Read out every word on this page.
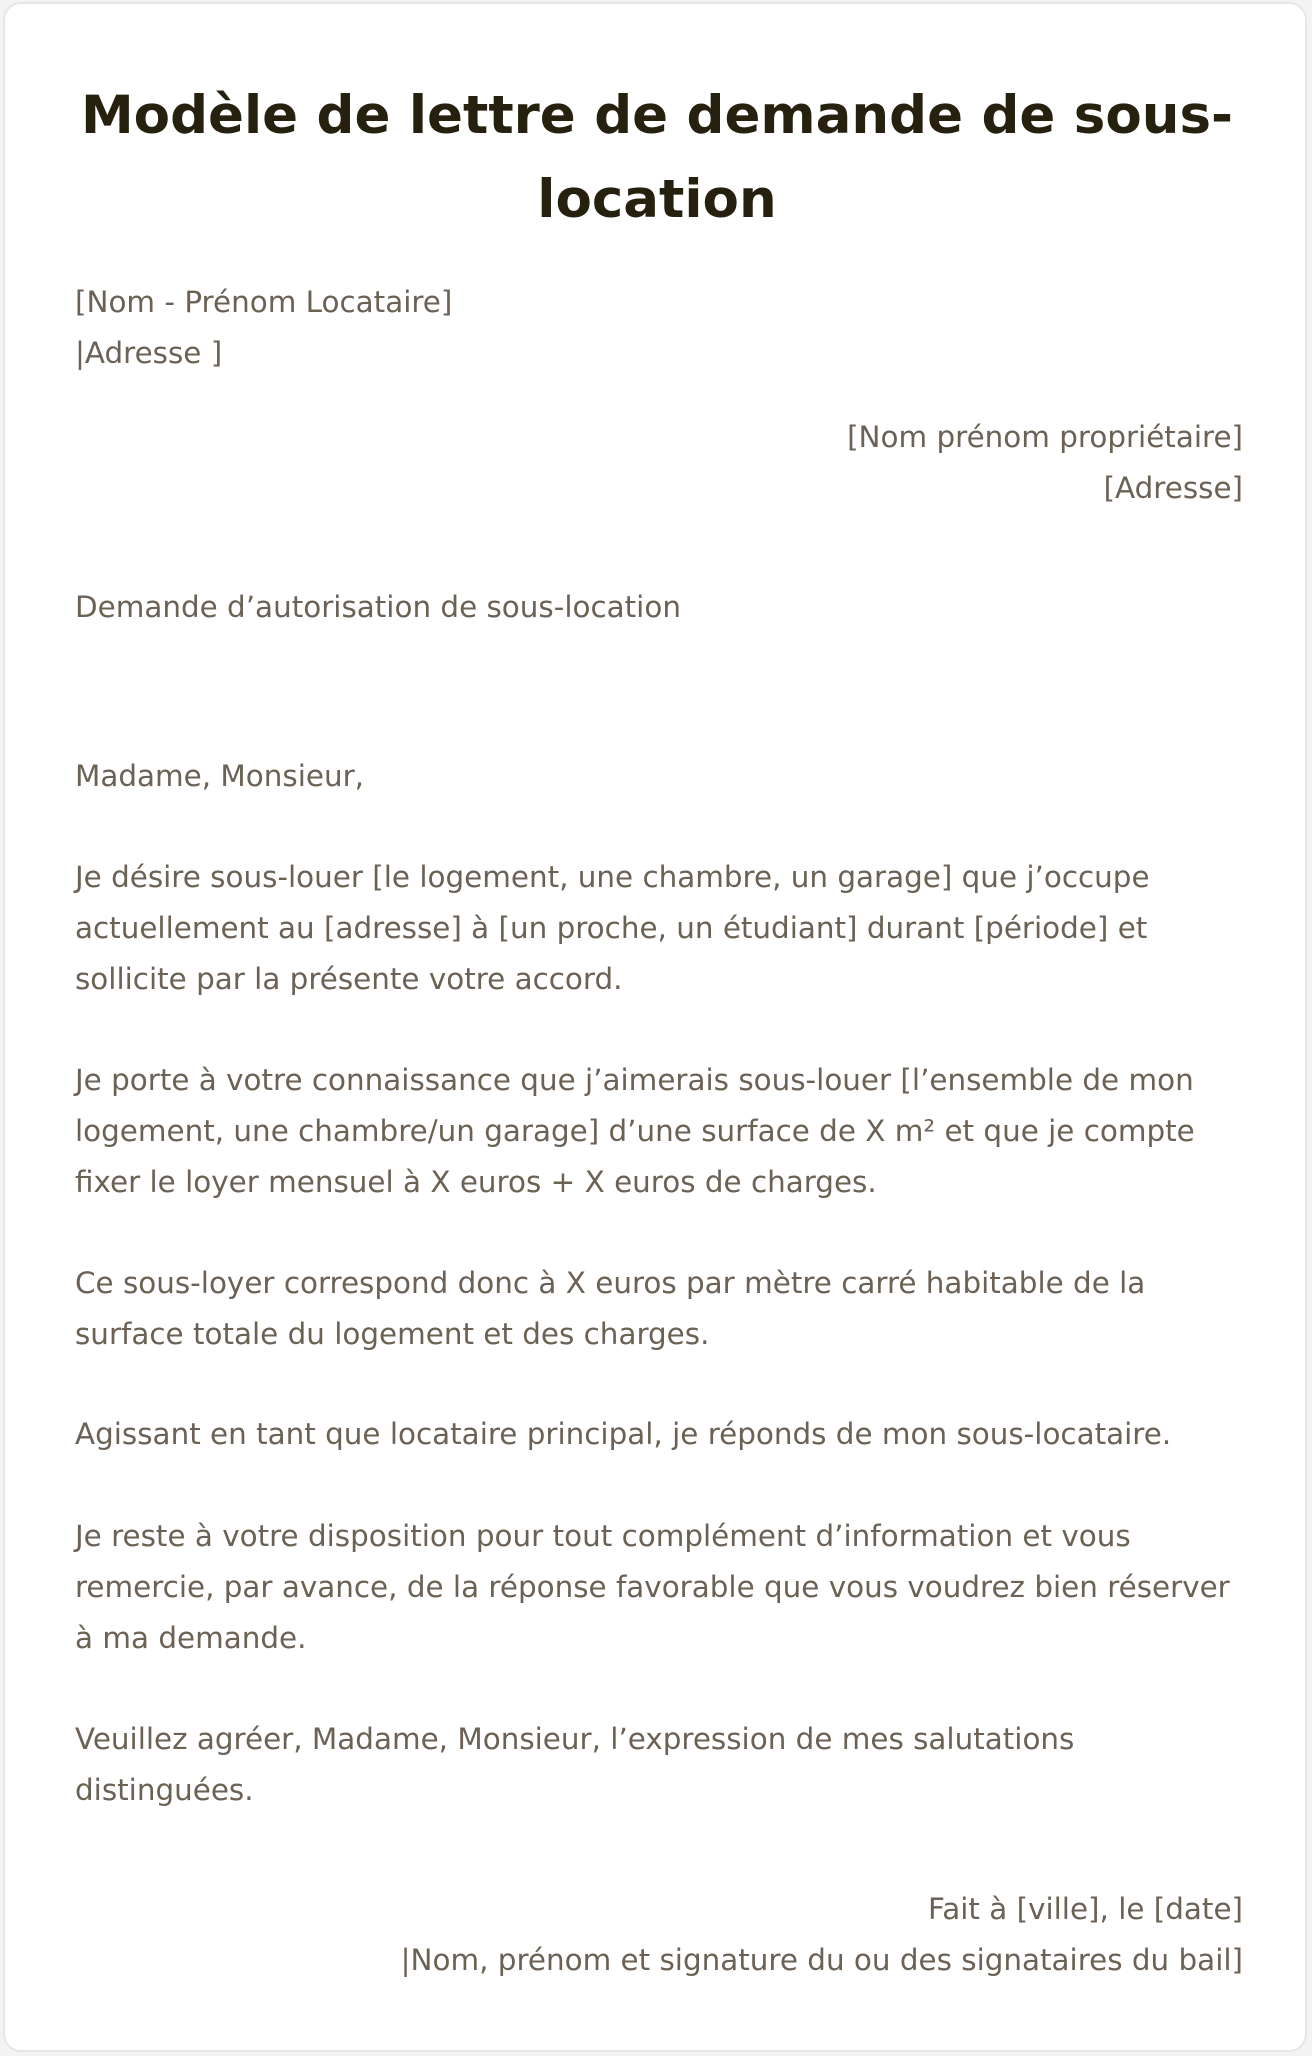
Modèle de lettre de demande de sous-location
[Nom - Prénom Locataire]
|Adresse ]
[Nom prénom propriétaire]
[Adresse]

Demande d’autorisation de sous-location

Madame, Monsieur,

Je désire sous-louer [le logement, une chambre, un garage] que j’occupe actuellement au [adresse] à [un proche, un étudiant] durant [période] et sollicite par la présente votre accord.

Je porte à votre connaissance que j’aimerais sous-louer [l’ensemble de mon logement, une chambre/un garage] d’une surface de X m² et que je compte fixer le loyer mensuel à X euros + X euros de charges.

Ce sous-loyer correspond donc à X euros par mètre carré habitable de la surface totale du logement et des charges.

Agissant en tant que locataire principal, je réponds de mon sous-locataire.

Je reste à votre disposition pour tout complément d’information et vous remercie, par avance, de la réponse favorable que vous voudrez bien réserver à ma demande.

Veuillez agréer, Madame, Monsieur, l’expression de mes salutations distinguées.

Fait à [ville], le [date]
|Nom, prénom et signature du ou des signataires du bail]
